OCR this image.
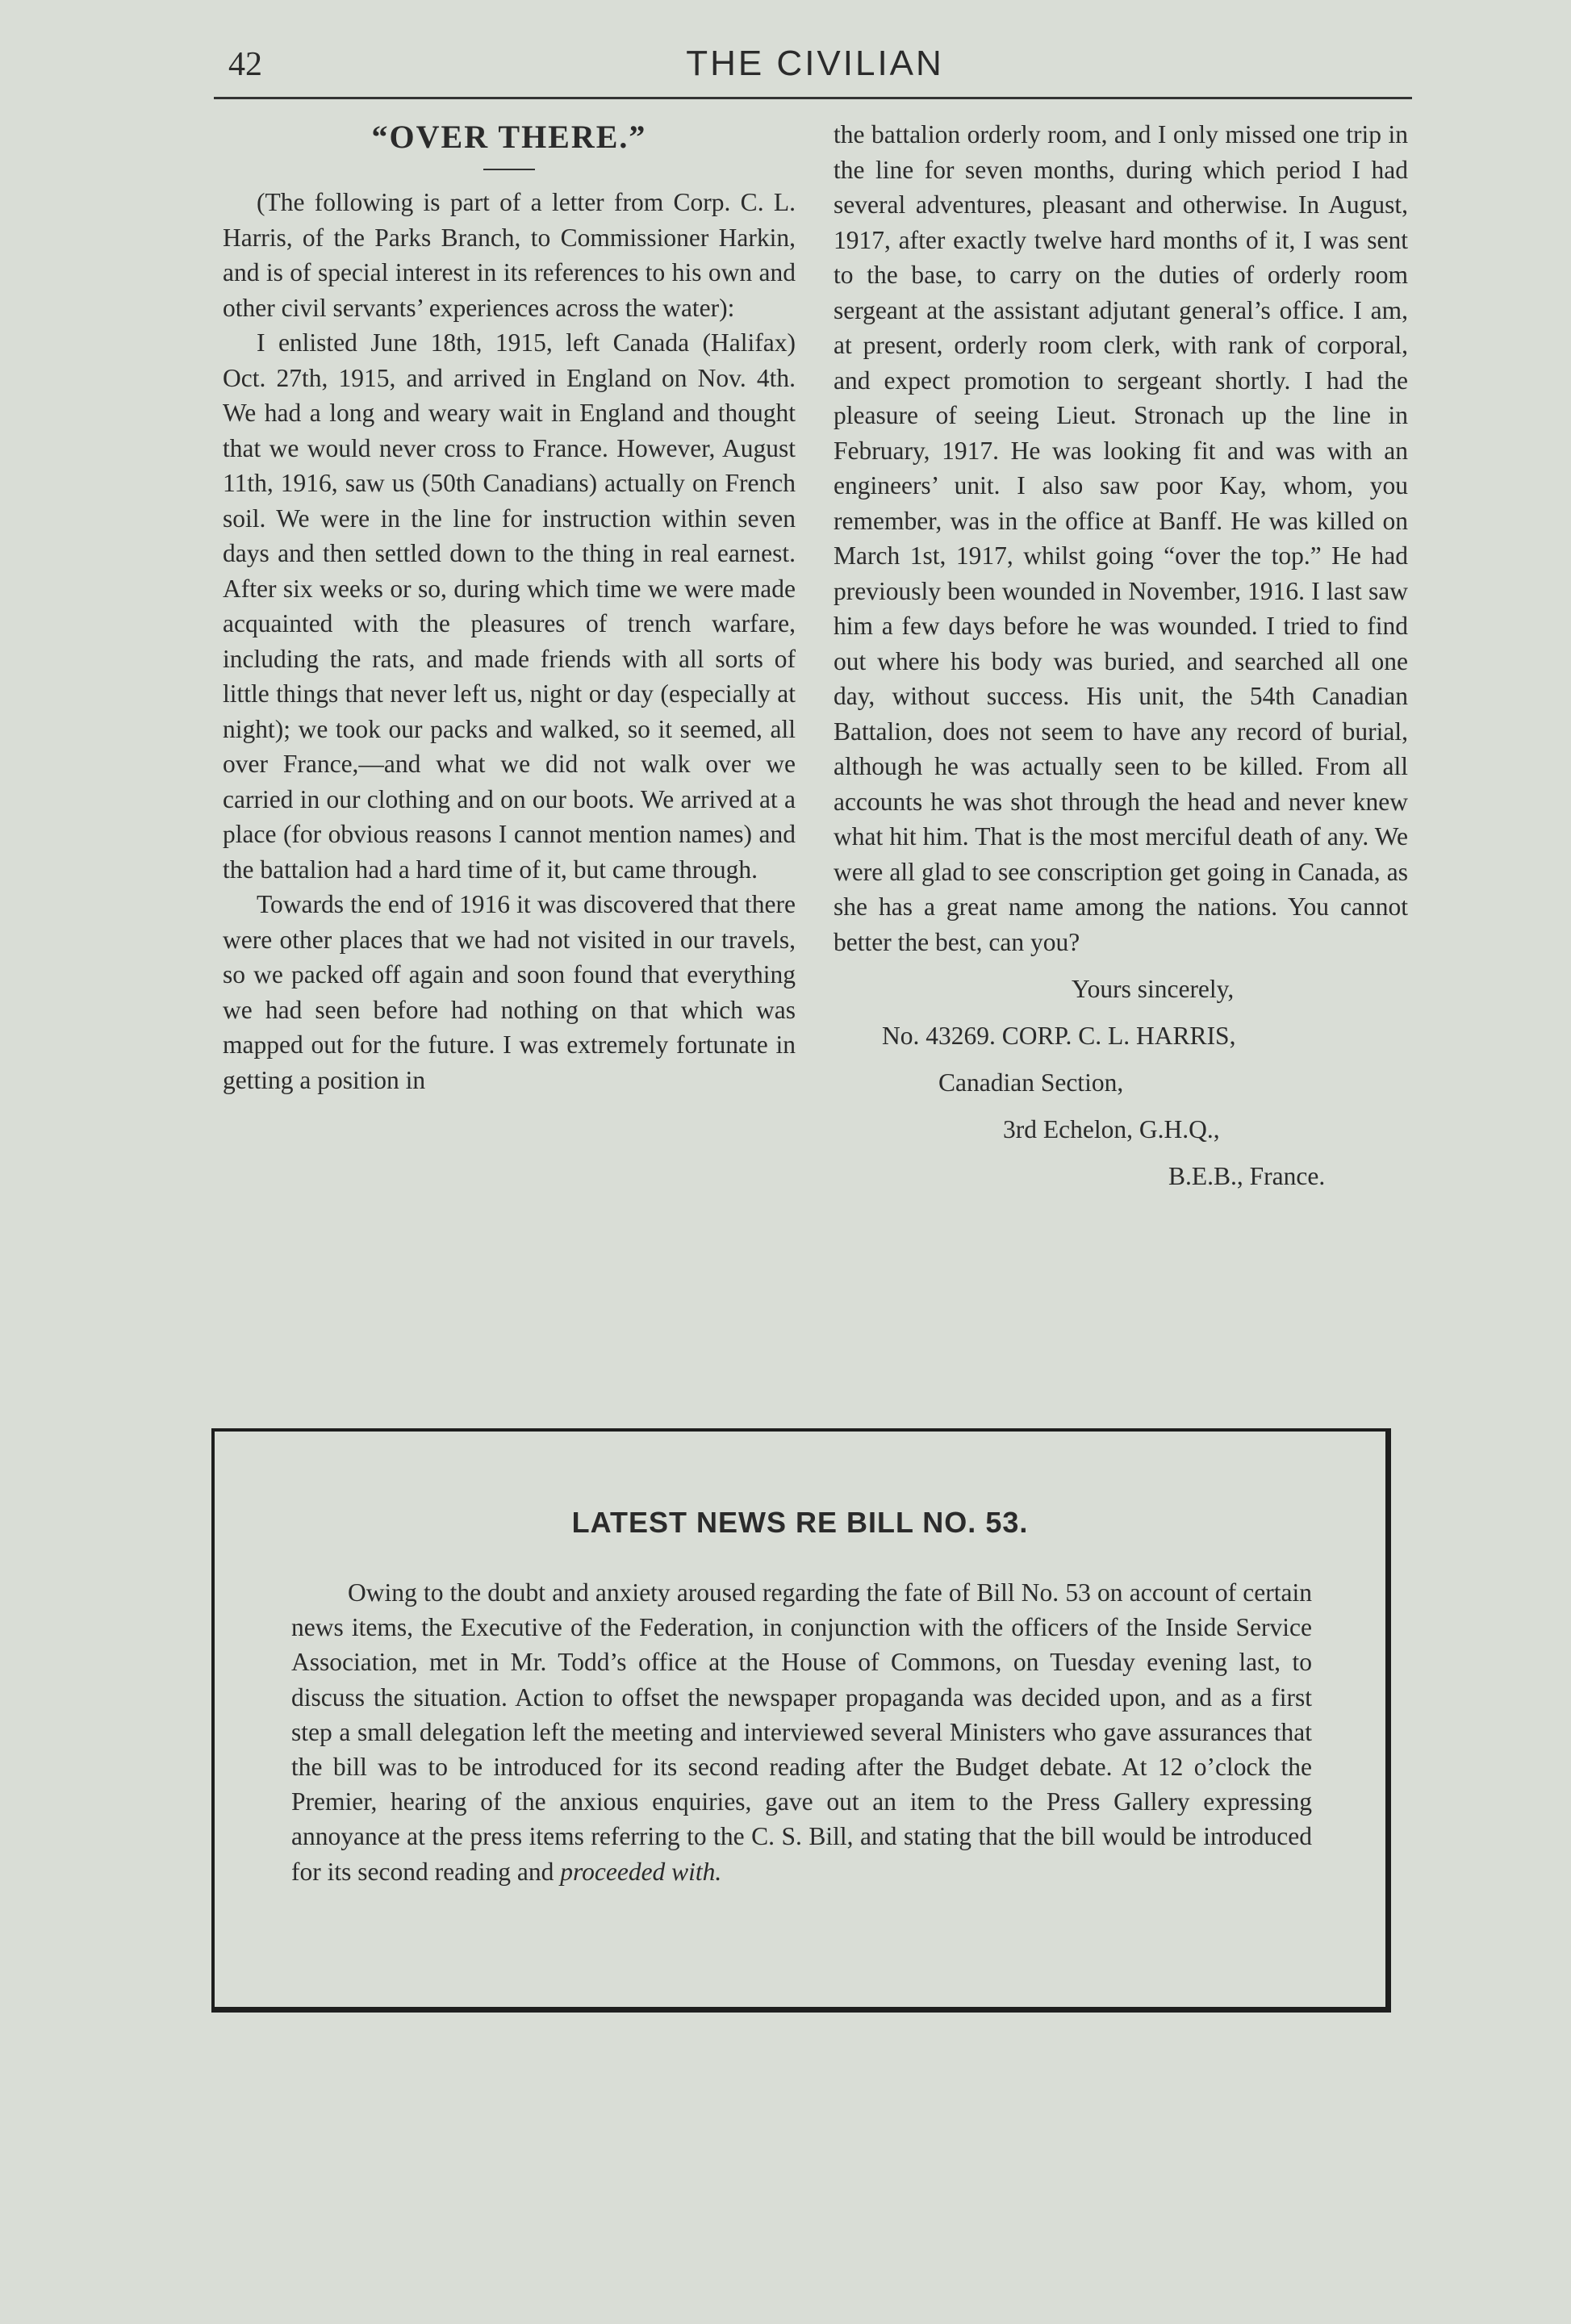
42	THE CIVILIAN
“OVER THERE.”

(The following is part of a letter from Corp. C. L. Harris, of the Parks Branch, to Commissioner Harkin, and is of special interest in its references to his own and other civil servants’ experiences across the water):

I enlisted June 18th, 1915, left Canada (Halifax) Oct. 27th, 1915, and arrived in England on Nov. 4th. We had a long and weary wait in England and thought that we would never cross to France. However, August 11th, 1916, saw us (50th Canadians) actually on French soil. We were in the line for instruction within seven days and then settled down to the thing in real earnest. After six weeks or so, during which time we were made acquainted with the pleasures of trench warfare, including the rats, and made friends with all sorts of little things that never left us, night or day (especially at night); we took our packs and walked, so it seemed, all over France,—and what we did not walk over we carried in our clothing and on our boots. We arrived at a place (for obvious reasons I cannot mention names) and the battalion had a hard time of it, but came through.

Towards the end of 1916 it was discovered that there were other places that we had not visited in our travels, so we packed off again and soon found that everything we had seen before had nothing on that which was mapped out for the future. I was extremely fortunate in getting a position in

the battalion orderly room, and I only missed one trip in the line for seven months, during which period I had several adventures, pleasant and otherwise. In August, 1917, after exactly twelve hard months of it, I was sent to the base, to carry on the duties of orderly room sergeant at the assistant adjutant general’s office. I am, at present, orderly room clerk, with rank of corporal, and expect promotion to sergeant shortly. I had the pleasure of seeing Lieut. Stronach up the line in February, 1917. He was looking fit and was with an engineers’ unit. I also saw poor Kay, whom, you remember, was in the office at Banff. He was killed on March 1st, 1917, whilst going “over the top.” He had previously been wounded in November, 1916. I last saw him a few days before he was wounded. I tried to find out where his body was buried, and searched all one day, without success. His unit, the 54th Canadian Battalion, does not seem to have any record of burial, although he was actually seen to be killed. From all accounts he was shot through the head and never knew what hit him. That is the most merciful death of any. We were all glad to see conscription get going in Canada, as she has a great name among the nations. You cannot better the best, can you?

Yours sincerely,
No. 43269. CORP. C. L. HARRIS,
Canadian Section,
3rd Echelon, G.H.Q.,
B.E.B., France.
LATEST NEWS RE BILL NO. 53.

Owing to the doubt and anxiety aroused regarding the fate of Bill No. 53 on account of certain news items, the Executive of the Federation, in conjunction with the officers of the Inside Service Association, met in Mr. Todd’s office at the House of Commons, on Tuesday evening last, to discuss the situation. Action to offset the newspaper propaganda was decided upon, and as a first step a small delegation left the meeting and interviewed several Ministers who gave assurances that the bill was to be introduced for its second reading after the Budget debate. At 12 o’clock the Premier, hearing of the anxious enquiries, gave out an item to the Press Gallery expressing annoyance at the press items referring to the C. S. Bill, and stating that the bill would be introduced for its second reading and proceeded with.
